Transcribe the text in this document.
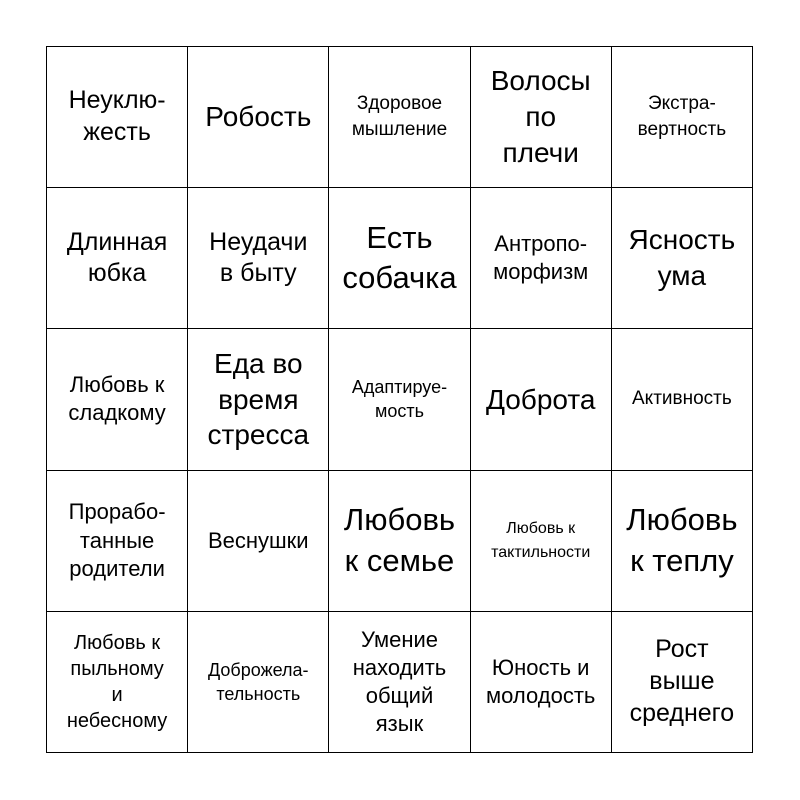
Неуклю-
жесть	Робость Здоровое
мышление
Волосы
по
плечи
Экстра-
вертность
Длинная
юбка
Неудачи
в быту
Есть
собачка
Антропо-
морфизм
Ясность
ума
Любовь к
сладкому
Еда во
время
стресса
Адаптируе-
мость	Доброта Активность
Прорабо-
танные
родители
Веснушки
Любовь
к семье
Любовь к
тактильности
Любовь
к теплу
Любовь к
пыльному
и
небесному
Доброжела-
тельность
Умение
находить
общий
язык
Юность и
молодость
Рост
выше
среднего
